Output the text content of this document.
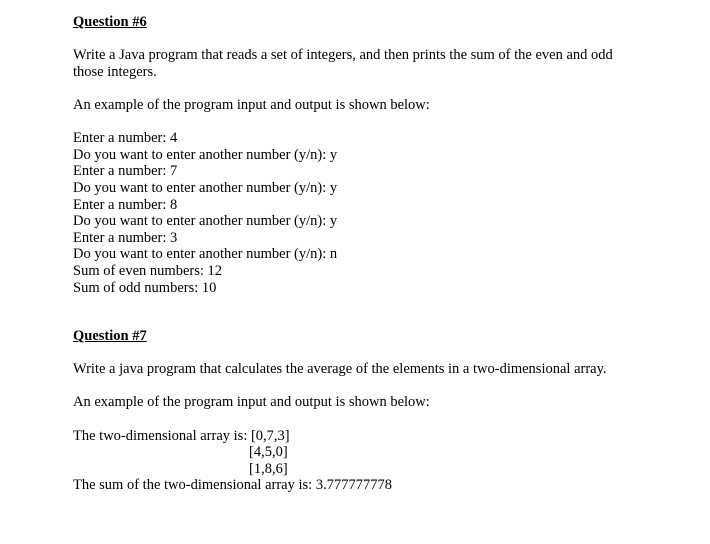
Question #6

Write a Java program that reads a set of integers, and then prints the sum of the even and odd
those integers.

An example of the program input and output is shown below:

Enter a number: 4
Do you want to enter another number (y/n): y
Enter a number: 7
Do you want to enter another number (y/n): y
Enter a number: 8
Do you want to enter another number (y/n): y
Enter a number: 3
Do you want to enter another number (y/n): n
Sum of even numbers: 12
Sum of odd numbers: 10

Question #7

Write a java program that calculates the average of the elements in a two-dimensional array.

An example of the program input and output is shown below:

The two-dimensional array is: [0,7,3]
[4,5,0]
[1,8,6]
The sum of the two-dimensional array is: 3.777777778
